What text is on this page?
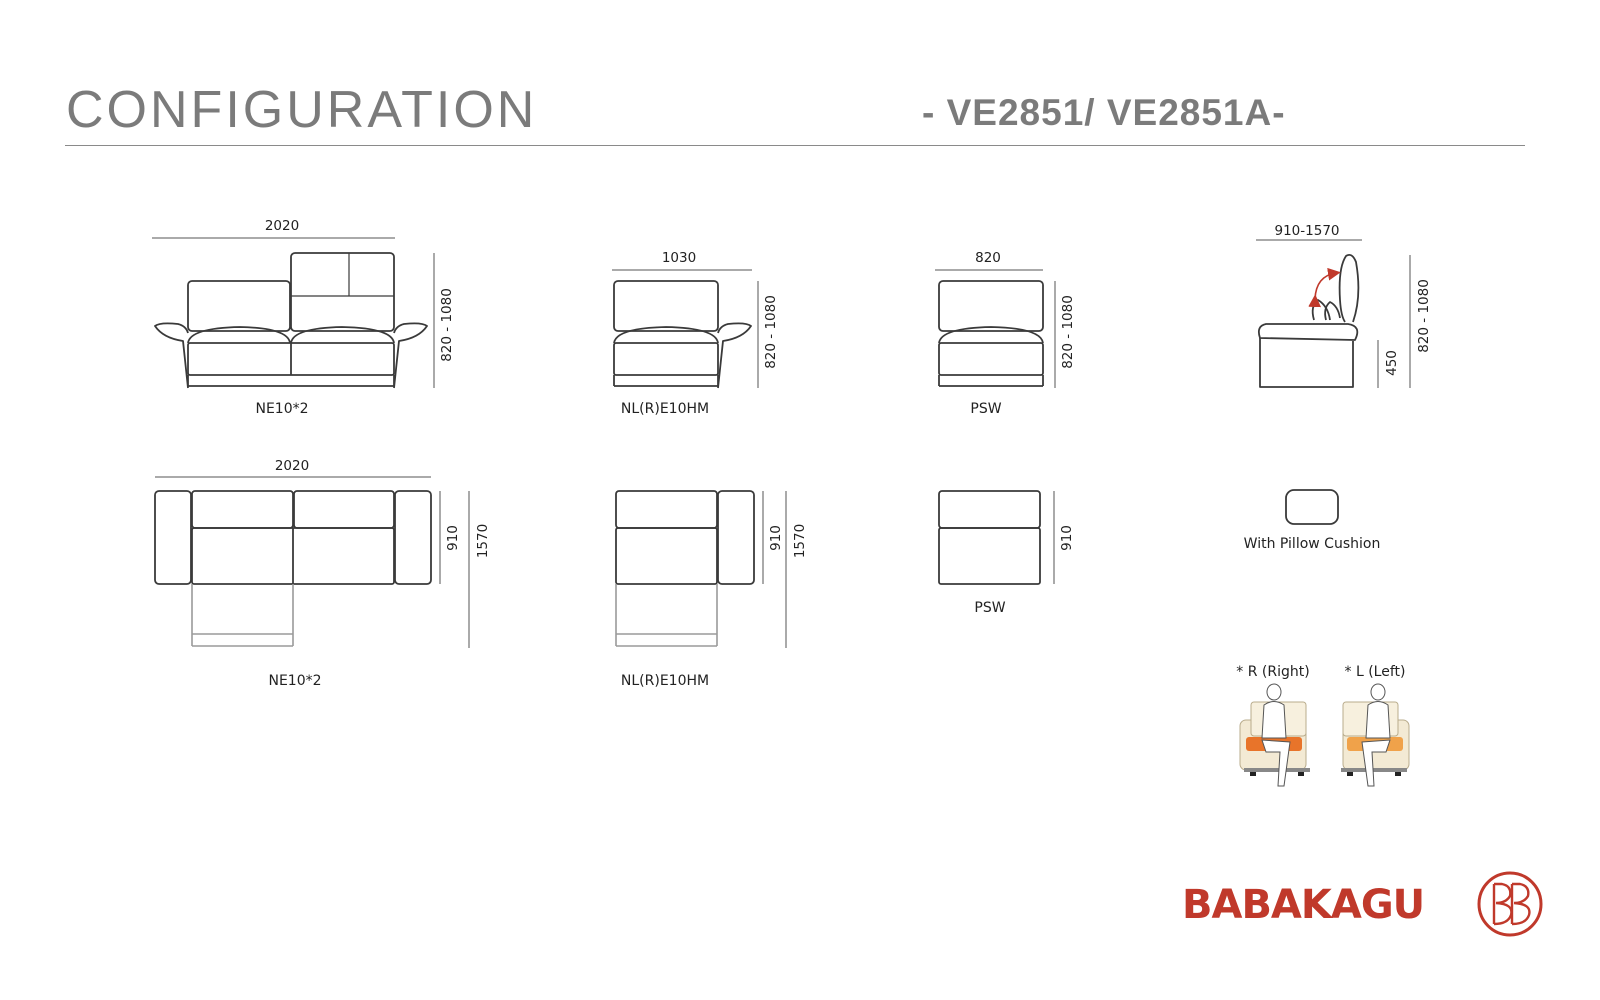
CONFIGURATION	- VE2851/ VE2851A-
2020
820 - 1080
1030
820 - 1080
820
820 - 1080
910-1570
450
820 - 1080
2020
910 1570	910 1570	910
NE10*2	NL(R)E10HM	PSW
NE10*2	NL(R)E10HM
PSW
With Pillow Cushion
* R (Right) * L (Left)
BABAKAGU
